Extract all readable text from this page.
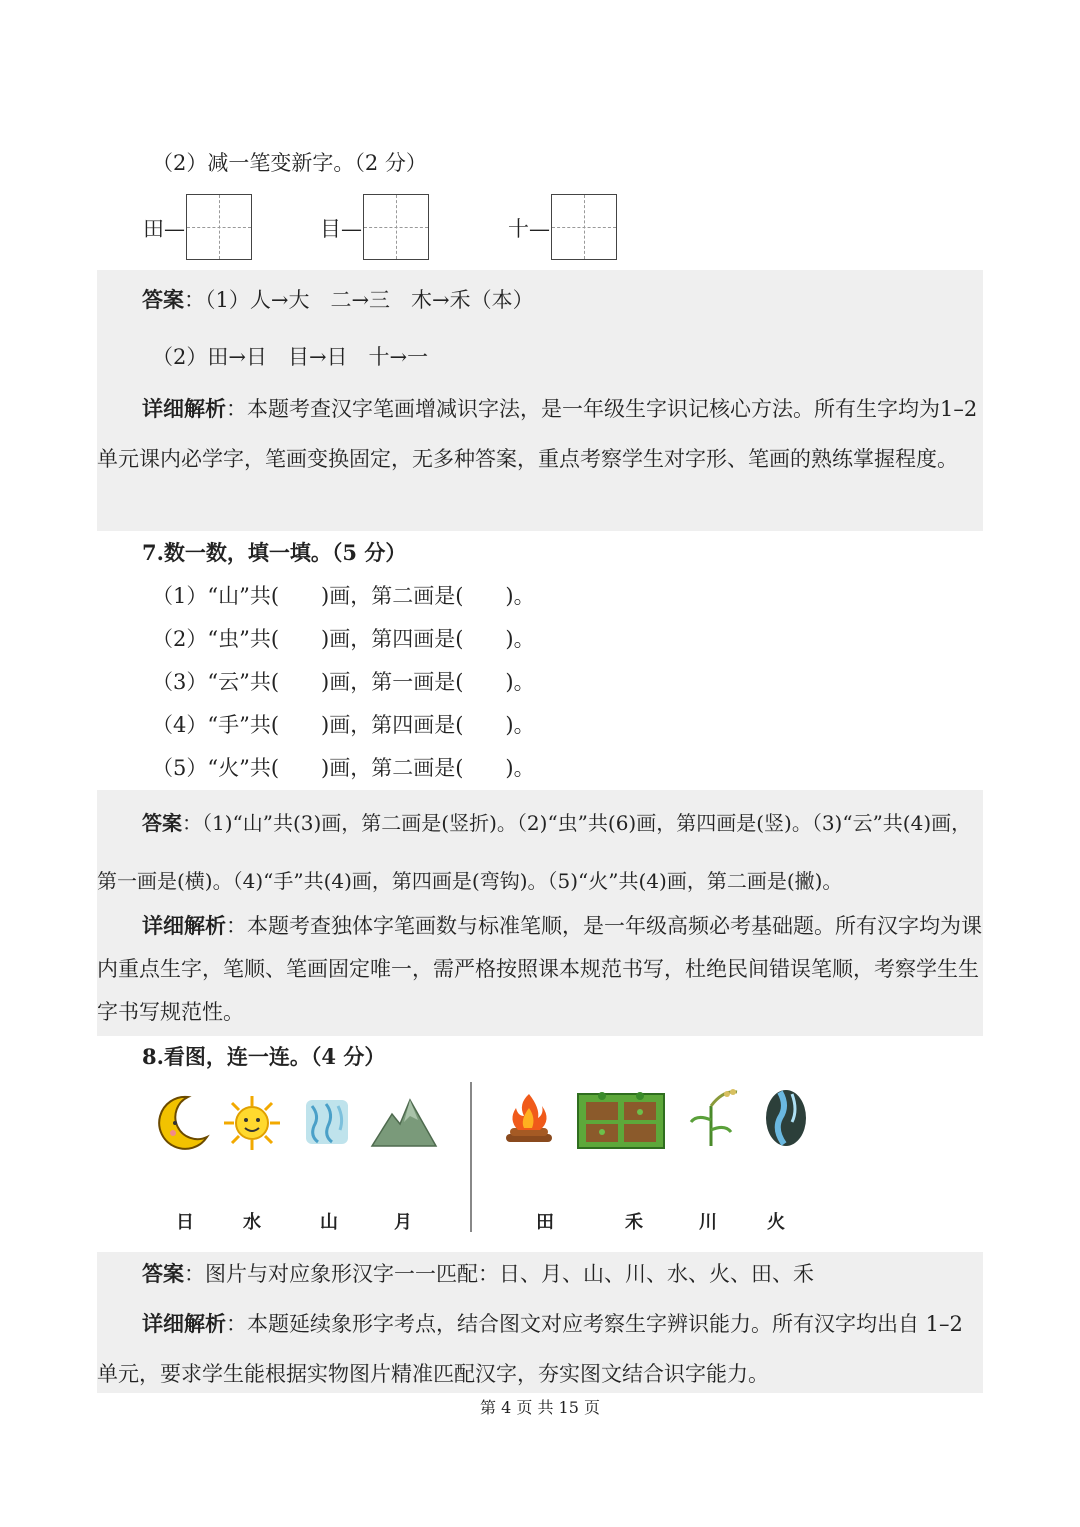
（2）减一笔变新字。（2 分）
田—	目—	十—
答案：（1）人→大　二→三　木→禾（本）
（2）田→日　目→日　十→一
详细解析：本题考查汉字笔画增减识字法，是一年级生字识记核心方法。所有生字均为1–2 单元课内必学字，笔画变换固定，无多种答案，重点考察学生对字形、笔画的熟练掌握程度。
7.数一数，填一填。（5 分）
（1）“山”共(　　)画，第二画是(　　)。
（2）“虫”共(　　)画，第四画是(　　)。
（3）“云”共(　　)画，第一画是(　　)。
（4）“手”共(　　)画，第四画是(　　)。
（5）“火”共(　　)画，第二画是(　　)。
答案：（1)“山”共(3)画，第二画是(竖折)。（2)“虫”共(6)画，第四画是(竖)。（3)“云”共(4)画，第一画是(横)。（4)“手”共(4)画，第四画是(弯钩)。（5)“火”共(4)画，第二画是(撇)。
详细解析：本题考查独体字笔画数与标准笔顺，是一年级高频必考基础题。所有汉字均为课内重点生字，笔顺、笔画固定唯一，需严格按照课本规范书写，杜绝民间错误笔顺，考察学生生字书写规范性。
8.看图，连一连。（4 分）
日	水	山	月	田	禾	川	火
答案：图片与对应象形汉字一一匹配：日、月、山、川、水、火、田、禾
详细解析：本题延续象形字考点，结合图文对应考察生字辨识能力。所有汉字均出自 1–2单元，要求学生能根据实物图片精准匹配汉字，夯实图文结合识字能力。
第 4 页 共 15 页
